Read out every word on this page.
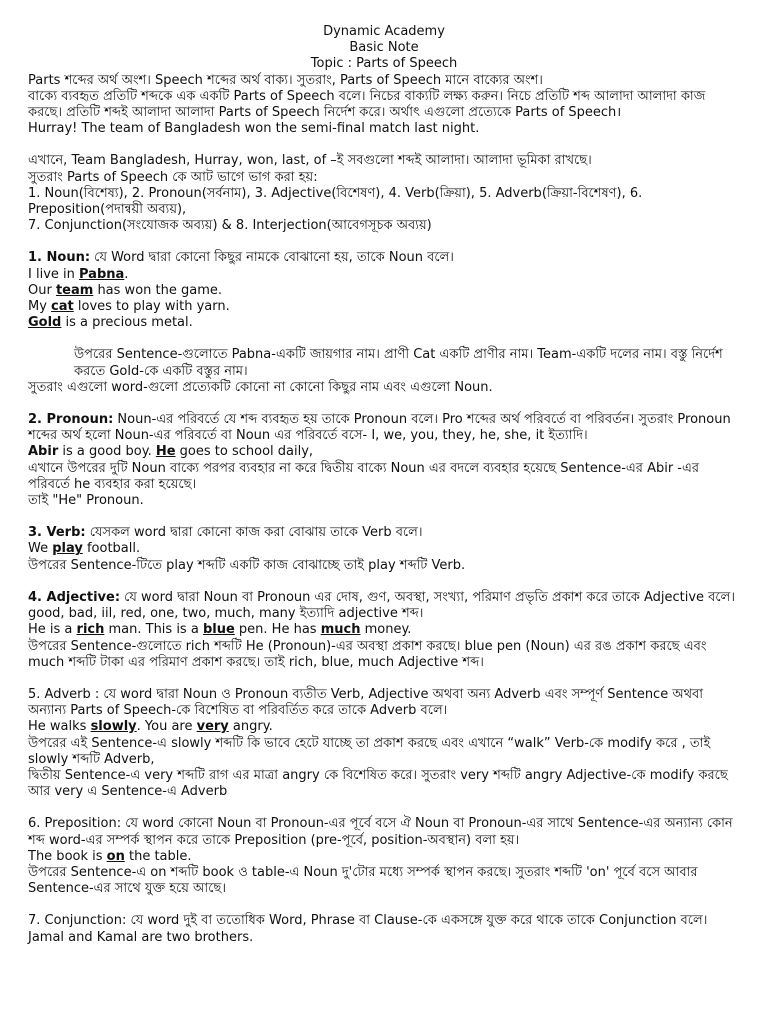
Dynamic Academy

Basic Note

Topic : Parts of Speech

Parts শব্দের অর্থ অংশ। Speech শব্দের অর্থ বাক্য। সুতরাং, Parts of Speech মানে বাক্যের অংশ।

বাক্যে ব্যবহৃত প্রতিটি শব্দকে এক একটি Parts of Speech বলে। নিচের বাক্যটি লক্ষ্য করুন। নিচে প্রতিটি শব্দ আলাদা আলাদা কাজ করছে। প্রতিটি শব্দই আলাদা আলাদা Parts of Speech নির্দেশ করে। অর্থাৎ এগুলো প্রত্যেকে Parts of Speech।

Hurray! The team of Bangladesh won the semi-final match last night.

এখানে, Team Bangladesh, Hurray, won, last, of –ই সবগুলো শব্দই আলাদা। আলাদা ভূমিকা রাখছে।

সুতরাং Parts of Speech কে আট ভাগে ভাগ করা হয়:

1. Noun(বিশেষ্য), 2. Pronoun(সর্বনাম), 3. Adjective(বিশেষণ), 4. Verb(ক্রিয়া), 5. Adverb(ক্রিয়া-বিশেষণ), 6. Preposition(পদান্বয়ী অব্যয়),

7. Conjunction(সংযোজক অব্যয়) & 8. Interjection(আবেগসূচক অব্যয়)

1. Noun: যে Word দ্বারা কোনো কিছুর নামকে বোঝানো হয়, তাকে Noun বলে।

I live in Pabna.

Our team has won the game.

My cat loves to play with yarn.

Gold is a precious metal.

উপরের Sentence-গুলোতে Pabna-একটি জায়গার নাম। প্রাণী Cat একটি প্রাণীর নাম। Team-একটি দলের নাম। বস্তু নির্দেশ করতে Gold-কে একটি বস্তুর নাম।

সুতরাং এগুলো word-গুলো প্রত্যেকটি কোনো না কোনো কিছুর নাম এবং এগুলো Noun.

2. Pronoun: Noun-এর পরিবর্তে যে শব্দ ব্যবহৃত হয় তাকে Pronoun বলে। Pro শব্দের অর্থ পরিবর্তে বা পরিবর্তন। সুতরাং Pronoun শব্দের অর্থ হলো Noun-এর পরিবর্তে বা Noun এর পরিবর্তে বসে- I, we, you, they, he, she, it ইত্যাদি।

Abir is a good boy. He goes to school daily,

এখানে উপরের দুটি Noun বাক্যে পরপর ব্যবহার না করে দ্বিতীয় বাক্যে Noun এর বদলে ব্যবহার হয়েছে Sentence-এর Abir -এর পরিবর্তে he ব্যবহার করা হয়েছে।

তাই "He" Pronoun.

3. Verb: যেসকল word দ্বারা কোনো কাজ করা বোঝায় তাকে Verb বলে।

We play football.

উপরের Sentence-টিতে play শব্দটি একটি কাজ বোঝাচ্ছে তাই play শব্দটি Verb.

4. Adjective: যে word দ্বারা Noun বা Pronoun এর দোষ, গুণ, অবস্থা, সংখ্যা, পরিমাণ প্রভৃতি প্রকাশ করে তাকে Adjective বলে।

good, bad, iil, red, one, two, much, many ইত্যাদি adjective শব্দ।

He is a rich man. This is a blue pen. He has much money.

উপরের Sentence-গুলোতে rich শব্দটি He (Pronoun)-এর অবস্থা প্রকাশ করছে। blue pen (Noun) এর রঙ প্রকাশ করছে এবং much শব্দটি টাকা এর পরিমাণ প্রকাশ করছে। তাই rich, blue, much Adjective শব্দ।

5. Adverb : যে word দ্বারা Noun ও Pronoun ব্যতীত Verb, Adjective অথবা অন্য Adverb এবং সম্পূর্ণ Sentence অথবা অন্যান্য Parts of Speech-কে বিশেষিত বা পরিবর্তিত করে তাকে Adverb বলে।

He walks slowly. You are very angry.

উপরের এই Sentence-এ slowly শব্দটি কি ভাবে হেটে যাচ্ছে তা প্রকাশ করছে এবং এখানে “walk” Verb-কে modify করে , তাই slowly শব্দটি Adverb,

দ্বিতীয় Sentence-এ very শব্দটি রাগ এর মাত্রা angry কে বিশেষিত করে। সুতরাং very শব্দটি angry Adjective-কে modify করছে আর very এ Sentence-এ Adverb

6. Preposition: যে word কোনো Noun বা Pronoun-এর পূর্বে বসে ঐ Noun বা Pronoun-এর সাথে Sentence-এর অন্যান্য কোন শব্দ word-এর সম্পর্ক স্থাপন করে তাকে Preposition (pre-পূর্বে, position-অবস্থান) বলা হয়।

The book is on the table.

উপরের Sentence-এ on শব্দটি book ও table-এ Noun দু'টোর মধ্যে সম্পর্ক স্থাপন করছে। সুতরাং শব্দটি 'on' পূর্বে বসে আবার Sentence-এর সাথে যুক্ত হয়ে আছে।

7. Conjunction: যে word দুই বা ততোধিক Word, Phrase বা Clause-কে একসঙ্গে যুক্ত করে থাকে তাকে Conjunction বলে। Jamal and Kamal are two brothers.
